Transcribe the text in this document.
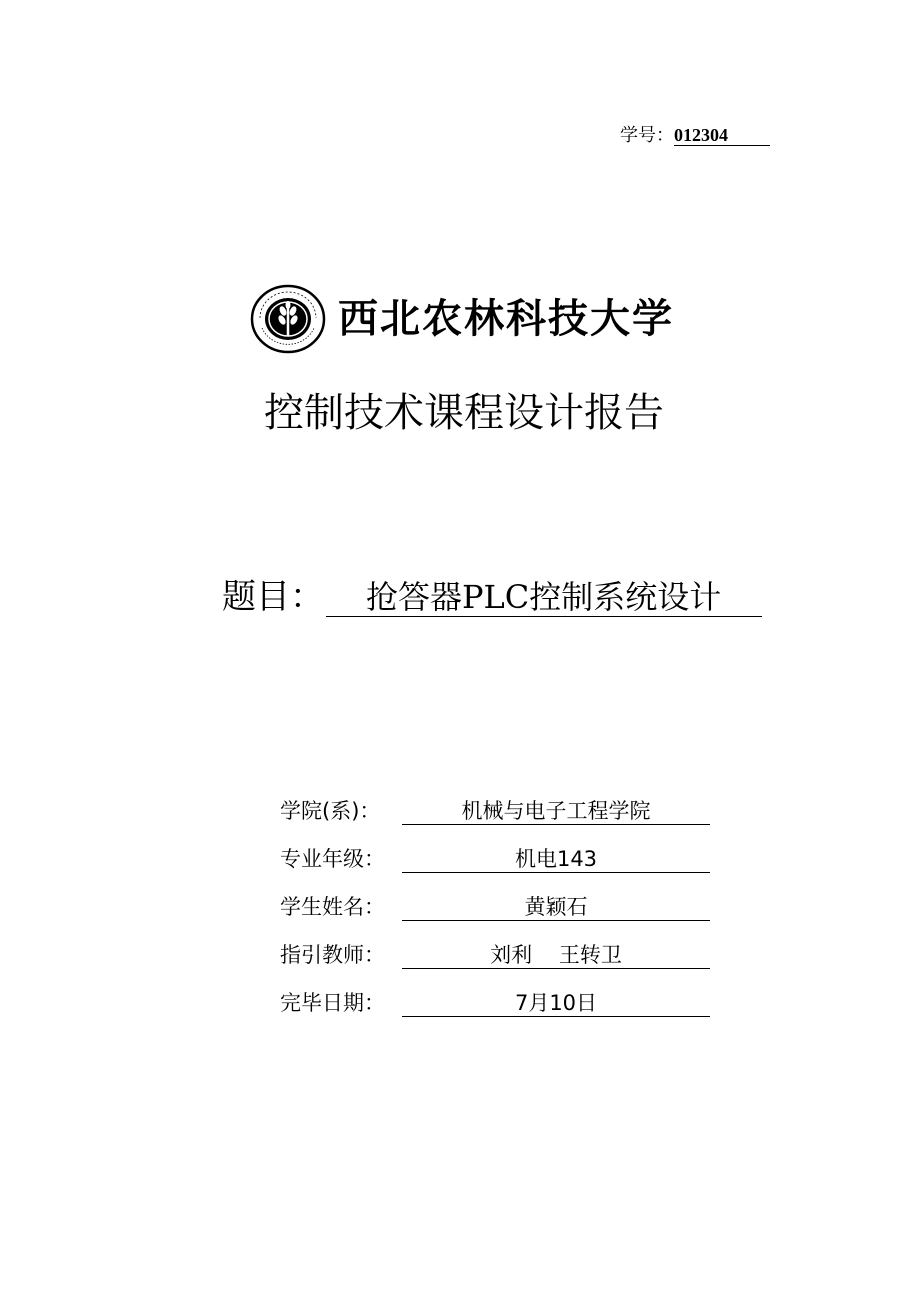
学号：012304
西北农林科技大学
控制技术课程设计报告
题目： 抢答器PLC控制系统设计
学院(系)：	机械与电子工程学院
专业年级：	机电143
学生姓名：	黄颖石
指引教师：	刘利    王转卫
完毕日期：	7月10日
